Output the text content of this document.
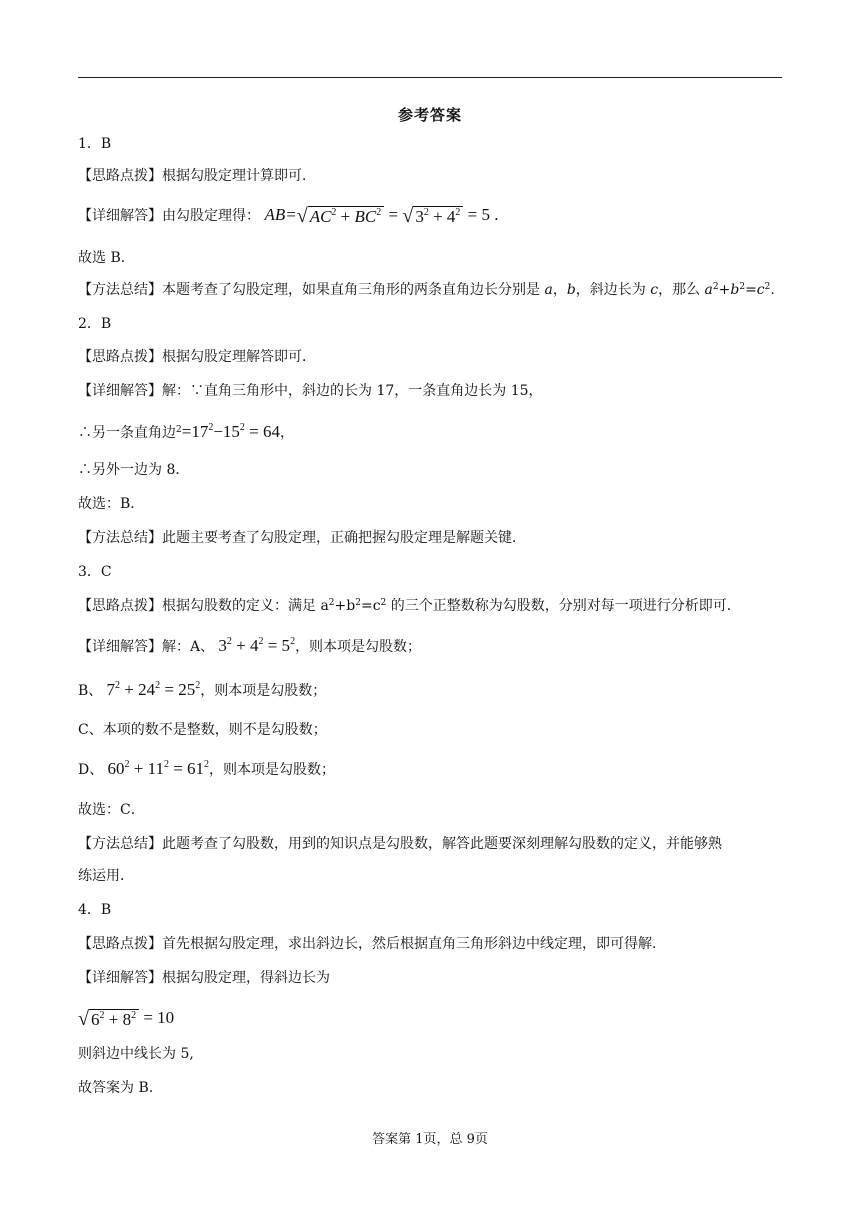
参考答案
1．B
【思路点拨】根据勾股定理计算即可．
【详细解答】由勾股定理得： AB=√ $AC^2 + BC^2$ = √ $3^2 + 4^2 = 5$ .
故选 B．
【方法总结】本题考查了勾股定理，如果直角三角形的两条直角边长分别是 a，b，斜边长为 c，那么 $a^2+b^2=c^2$.
2．B
【思路点拨】根据勾股定理解答即可．
【详细解答】解：∵直角三角形中，斜边的长为 17，一条直角边长为 15，
∴另一条直角边$^2=17^2-15^2 = 64$，
∴另外一边为 8．
故选：B．
【方法总结】此题主要考查了勾股定理，正确把握勾股定理是解题关键．
3．C
【思路点拨】根据勾股数的定义：满足 $a^2+b^2=c^2$ 的三个正整数称为勾股数，分别对每一项进行分析即可．
【详细解答】解：A、 $3^2 + 4^2 = 5^2$，则本项是勾股数；
B、 $7^2 + 24^2 = 25^2$，则本项是勾股数；
C、本项的数不是整数，则不是勾股数；
D、 $60^2 + 11^2 = 61^2$，则本项是勾股数；
故选：C．
【方法总结】此题考查了勾股数，用到的知识点是勾股数，解答此题要深刻理解勾股数的定义，并能够熟
练运用．
4．B
【思路点拨】首先根据勾股定理，求出斜边长，然后根据直角三角形斜边中线定理，即可得解.
【详细解答】根据勾股定理，得斜边长为
√ $6^2 + 8^2 = 10$
则斜边中线长为 5,
故答案为 B.
答案第 1页，总 9页
